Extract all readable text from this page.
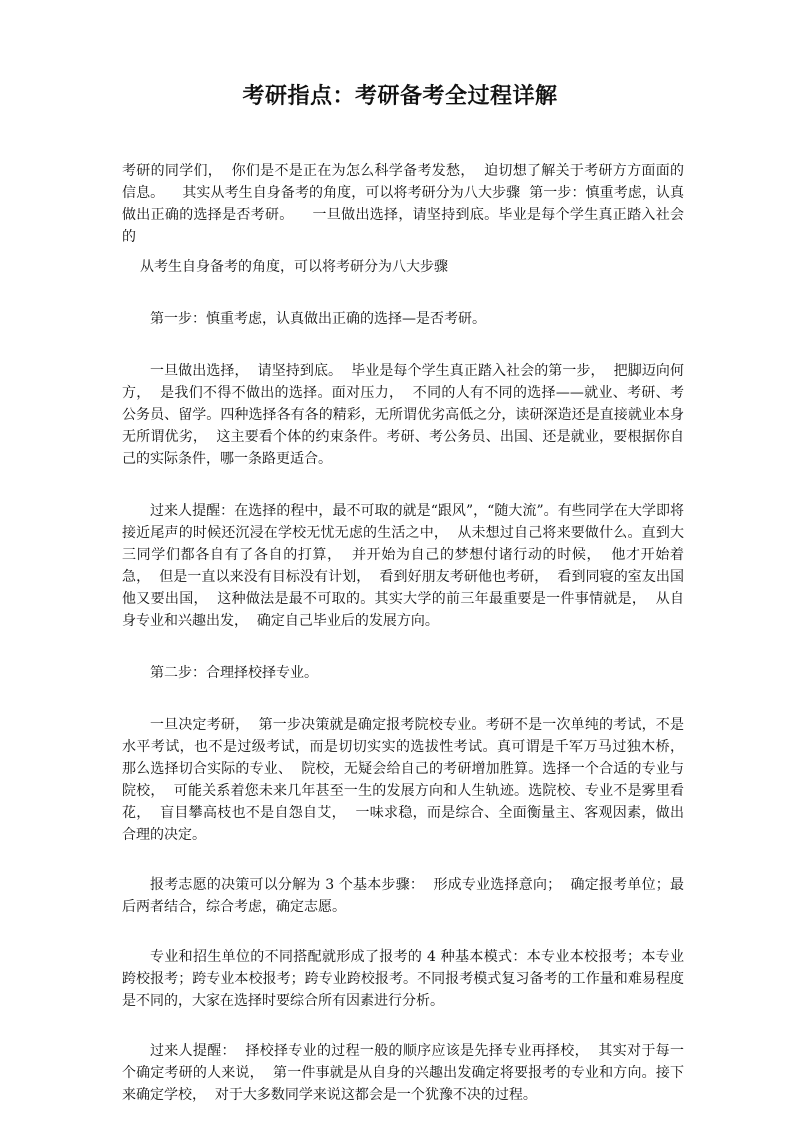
考研指点：考研备考全过程详解

考研的同学们，  你们是不是正在为怎么科学备考发愁，  迫切想了解关于考研方方面面的信息。    其实从考生自身备考的角度，可以将考研分为八大步骤  第一步：慎重考虑，认真做出正确的选择是否考研。    一旦做出选择，请坚持到底。毕业是每个学生真正踏入社会的

从考生自身备考的角度，可以将考研分为八大步骤

第一步：慎重考虑，认真做出正确的选择—是否考研。

一旦做出选择，  请坚持到底。  毕业是每个学生真正踏入社会的第一步，  把脚迈向何方，  是我们不得不做出的选择。面对压力，  不同的人有不同的选择——就业、考研、考公务员、留学。四种选择各有各的精彩，无所谓优劣高低之分，读研深造还是直接就业本身无所谓优劣，  这主要看个体的约束条件。考研、考公务员、出国、还是就业，要根据你自己的实际条件，哪一条路更适合。

过来人提醒：在选择的程中，最不可取的就是“跟风”，“随大流”。有些同学在大学即将接近尾声的时候还沉浸在学校无忧无虑的生活之中，  从未想过自己将来要做什么。直到大三同学们都各自有了各自的打算，  并开始为自己的梦想付诸行动的时候，  他才开始着急，  但是一直以来没有目标没有计划，  看到好朋友考研他也考研，  看到同寝的室友出国他又要出国，  这种做法是最不可取的。其实大学的前三年最重要是一件事情就是，  从自身专业和兴趣出发，  确定自己毕业后的发展方向。

第二步：合理择校择专业。

一旦决定考研，  第一步决策就是确定报考院校专业。考研不是一次单纯的考试，不是水平考试，也不是过级考试，而是切切实实的选拔性考试。真可谓是千军万马过独木桥，  那么选择切合实际的专业、  院校，无疑会给自己的考研增加胜算。选择一个合适的专业与院校，  可能关系着您未来几年甚至一生的发展方向和人生轨迹。选院校、专业不是雾里看花，  盲目攀高枝也不是自怨自艾，  一味求稳，而是综合、全面衡量主、客观因素，做出合理的决定。

报考志愿的决策可以分解为 3 个基本步骤：  形成专业选择意向；  确定报考单位；最后两者结合，综合考虑，确定志愿。

专业和招生单位的不同搭配就形成了报考的 4 种基本模式：本专业本校报考；本专业跨校报考；跨专业本校报考；跨专业跨校报考。不同报考模式复习备考的工作量和难易程度是不同的，大家在选择时要综合所有因素进行分析。

过来人提醒：  择校择专业的过程一般的顺序应该是先择专业再择校，  其实对于每一个确定考研的人来说，  第一件事就是从自身的兴趣出发确定将要报考的专业和方向。接下来确定学校，  对于大多数同学来说这都会是一个犹豫不决的过程。
